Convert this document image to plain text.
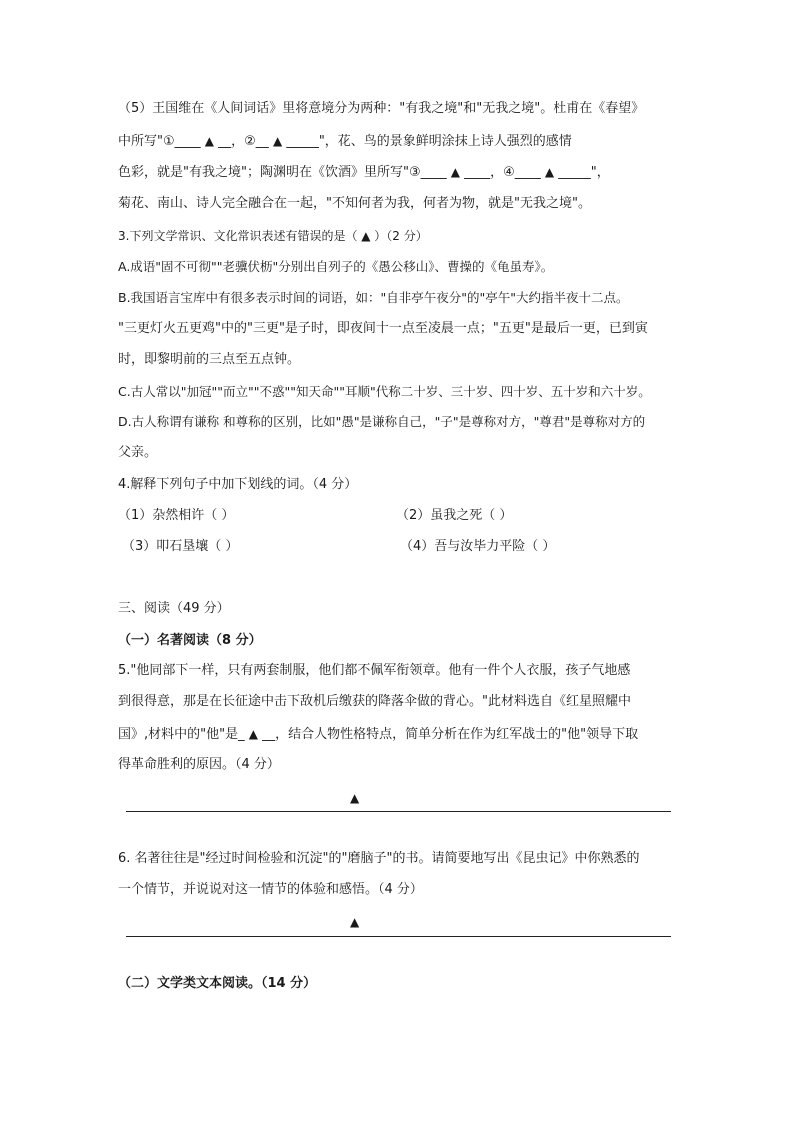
（5）王国维在《人间词话》里将意境分为两种："有我之境"和"无我之境"。杜甫在《春望》
中所写"①____ ▲ __，②__ ▲ _____"，花、鸟的景象鲜明涂抹上诗人强烈的感情
色彩，就是"有我之境"；陶渊明在《饮酒》里所写"③____ ▲ ____，④____ ▲ _____"，
菊花、南山、诗人完全融合在一起，"不知何者为我，何者为物，就是"无我之境"。
3.下列文学常识、文化常识表述有错误的是（ ▲ ）（2 分）
A.成语"固不可彻""老骥伏枥"分别出自列子的《愚公移山》、曹操的《龟虽寿》。
B.我国语言宝库中有很多表示时间的词语，如："自非亭午夜分"的"亭午"大约指半夜十二点。
"三更灯火五更鸡"中的"三更"是子时，即夜间十一点至凌晨一点；"五更"是最后一更，已到寅
时，即黎明前的三点至五点钟。
C.古人常以"加冠""而立""不惑""知天命""耳顺"代称二十岁、三十岁、四十岁、五十岁和六十岁。
D.古人称谓有谦称 和尊称的区别，比如"愚"是谦称自己，"子"是尊称对方，"尊君"是尊称对方的
父亲。
4.解释下列句子中加下划线的词。（4 分）
（1）杂然相许（ ）	（2）虽我之死（ ）
（3）叩石垦壤（ ）	（4）吾与汝毕力平险（ ）
三、阅读（49 分）
（一）名著阅读（8 分）
5."他同部下一样，只有两套制服，他们都不佩军衔领章。他有一件个人衣服，孩子气地感
到很得意，那是在长征途中击下敌机后缴获的降落伞做的背心。"此材料选自《红星照耀中
国》,材料中的"他"是_ ▲ __，结合人物性格特点，简单分析在作为红军战士的"他"领导下取
得革命胜利的原因。（4 分）
▲
6. 名著往往是"经过时间检验和沉淀"的"磨脑子"的书。请简要地写出《昆虫记》中你熟悉的
一个情节，并说说对这一情节的体验和感悟。（4 分）
▲
（二）文学类文本阅读。（14 分）
